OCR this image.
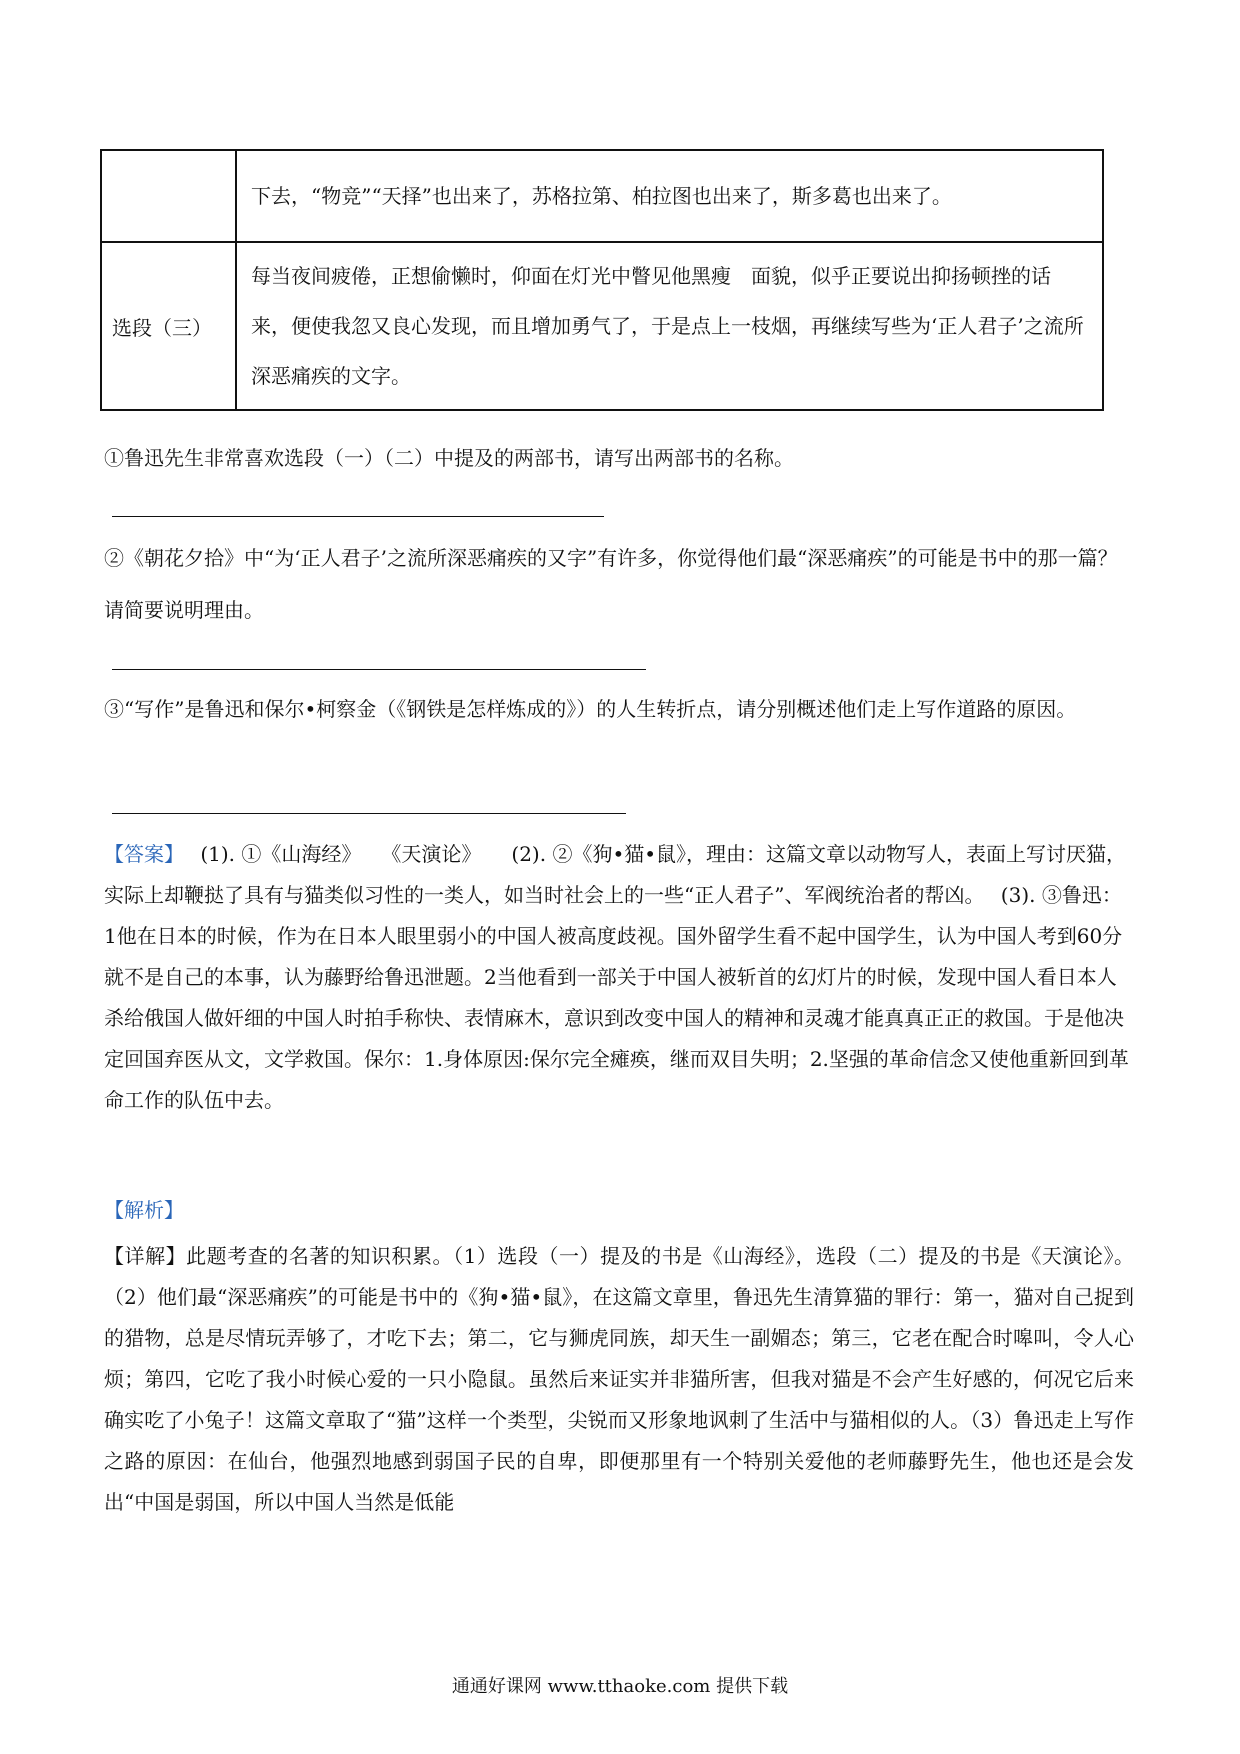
	下去，“物竞”“天择”也出来了，苏格拉第、柏拉图也出来了，斯多葛也出来了。
选段（三）	每当夜间疲倦，正想偷懒时，仰面在灯光中瞥见他黑瘦　面貌，似乎正要说出抑扬顿挫的话来，便使我忽又良心发现，而且增加勇气了，于是点上一枝烟，再继续写些为‘正人君子’之流所深恶痛疾的文字。
①鲁迅先生非常喜欢选段（一）（二）中提及的两部书，请写出两部书的名称。
②《朝花夕拾》中“为‘正人君子’之流所深恶痛疾的又字”有许多，你觉得他们最“深恶痛疾”的可能是书中的那一篇？请简要说明理由。
③“写作”是鲁迅和保尔•柯察金（《钢铁是怎样炼成的》）的人生转折点，请分别概述他们走上写作道路的原因。
【答案】　 (1). ①《山海经》　　《天演论》　　(2). ②《狗•猫•鼠》，理由：这篇文章以动物写人，表面上写讨厌猫，实际上却鞭挞了具有与猫类似习性的一类人，如当时社会上的一些“正人君子”、军阀统治者的帮凶。　 (3). ③鲁迅：1他在日本的时候，作为在日本人眼里弱小的中国人被高度歧视。国外留学生看不起中国学生，认为中国人考到60分就不是自己的本事，认为藤野给鲁迅泄题。2当他看到一部关于中国人被斩首的幻灯片的时候，发现中国人看日本人杀给俄国人做奸细的中国人时拍手称快、表情麻木，意识到改变中国人的精神和灵魂才能真真正正的救国。于是他决定回国弃医从文，文学救国。保尔：1.身体原因:保尔完全瘫痪，继而双目失明；2.坚强的革命信念又使他重新回到革命工作的队伍中去。
【解析】
【详解】此题考查的名著的知识积累。（1）选段（一）提及的书是《山海经》，选段（二）提及的书是《天演论》。（2）他们最“深恶痛疾”的可能是书中的《狗•猫•鼠》，在这篇文章里，鲁迅先生清算猫的罪行：第一，猫对自己捉到的猎物，总是尽情玩弄够了，才吃下去；第二，它与狮虎同族，却天生一副媚态；第三，它老在配合时嗥叫，令人心烦；第四，它吃了我小时候心爱的一只小隐鼠。虽然后来证实并非猫所害，但我对猫是不会产生好感的，何况它后来确实吃了小兔子！这篇文章取了“猫”这样一个类型，尖锐而又形象地讽刺了生活中与猫相似的人。（3）鲁迅走上写作之路的原因：在仙台，他强烈地感到弱国子民的自卑，即便那里有一个特别关爱他的老师藤野先生，他也还是会发出“中国是弱国，所以中国人当然是低能
通通好课网 www.tthaoke.com 提供下载
